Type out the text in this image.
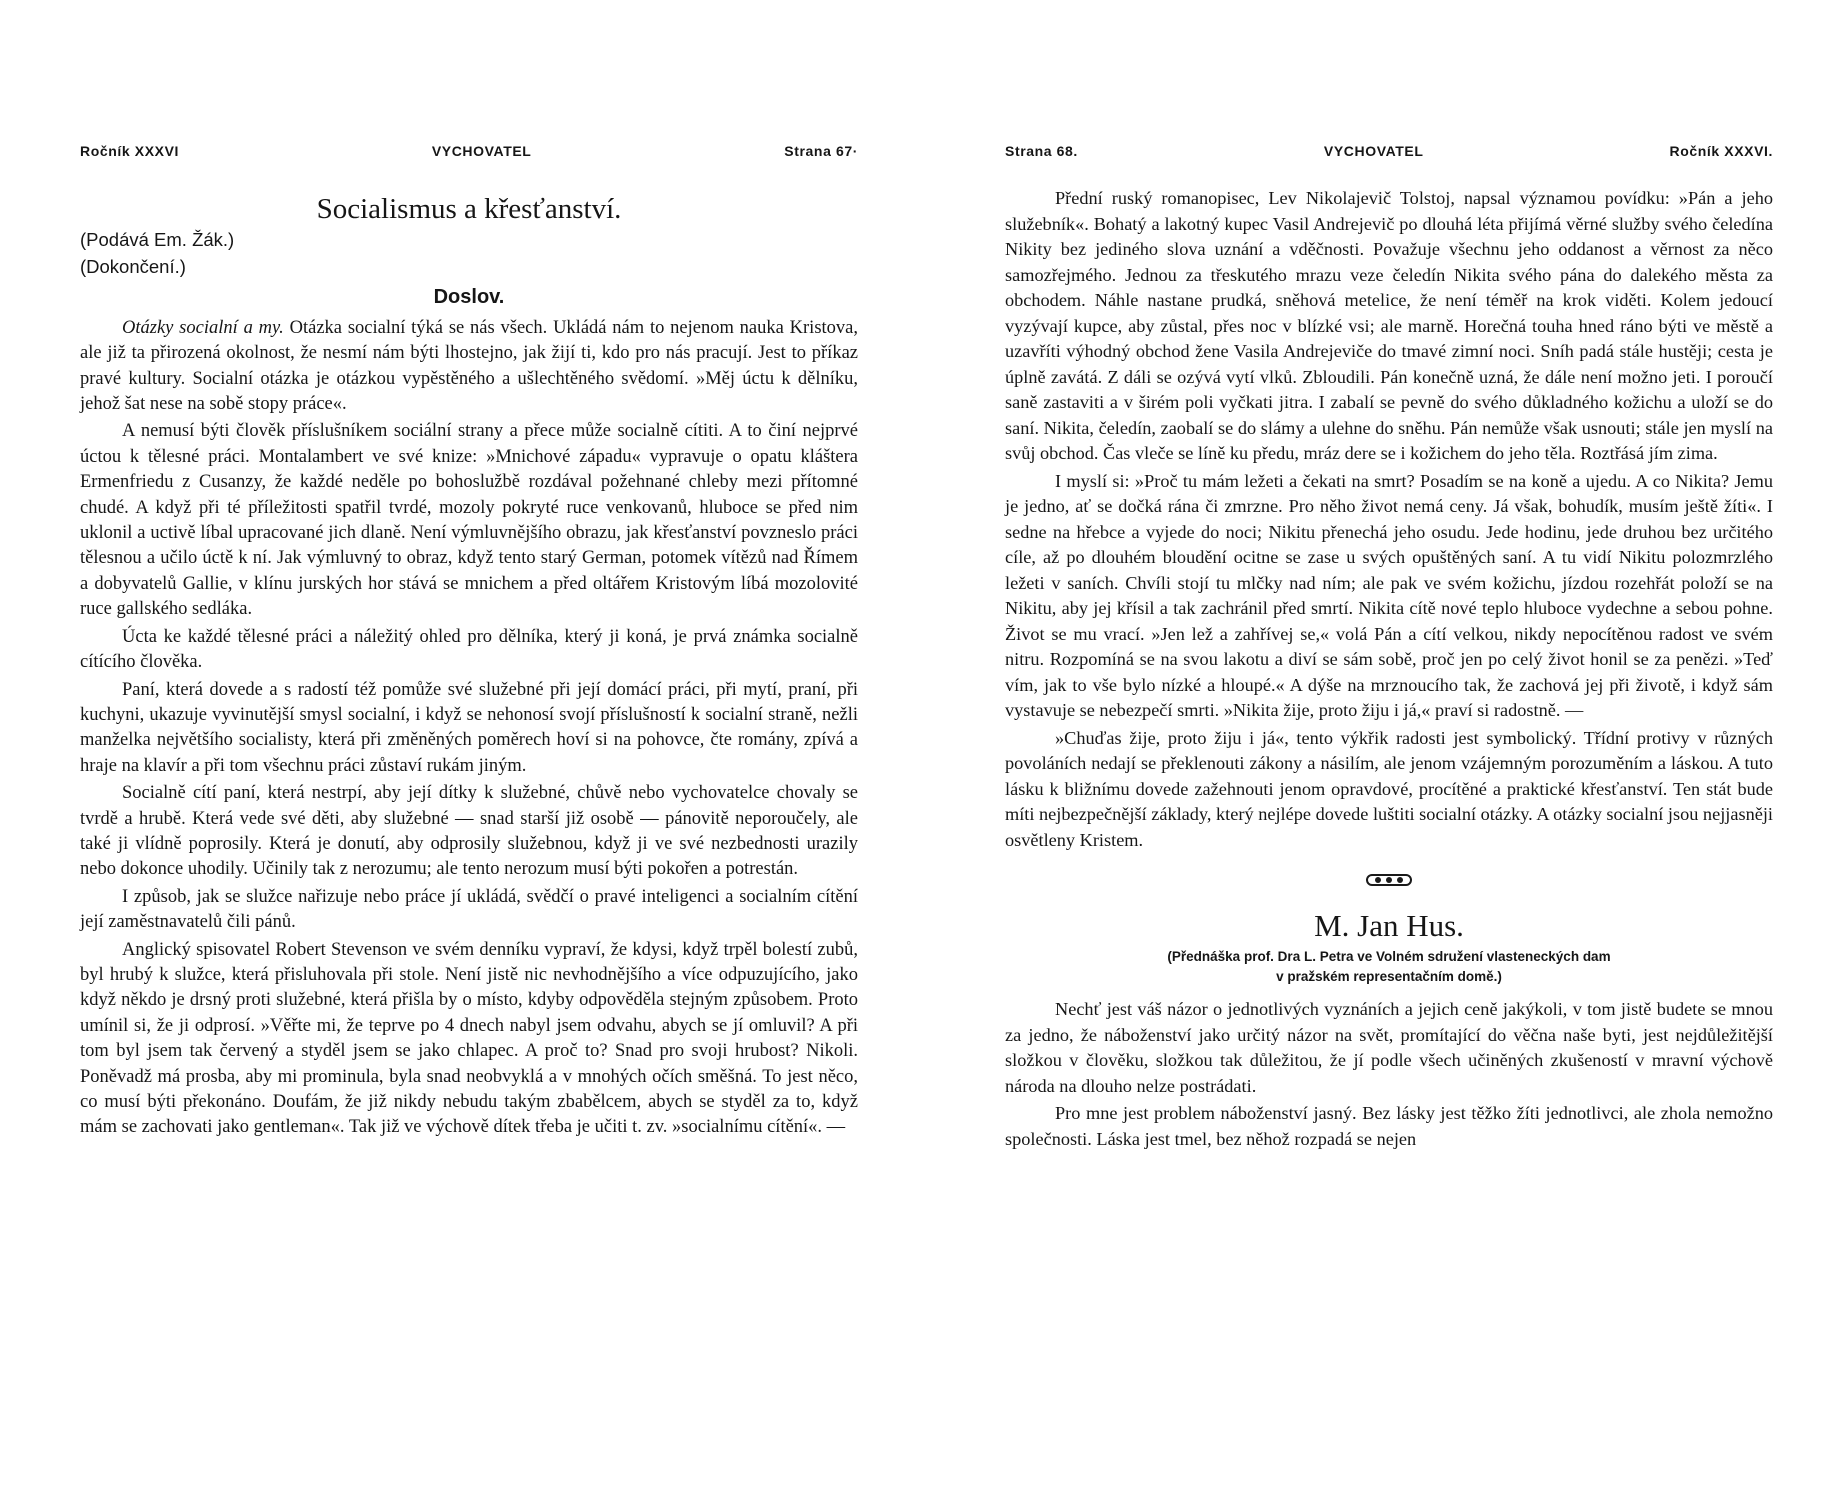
Ročník XXXVI	VYCHOVATEL	Strana 67·
Socialismus a křesťanství.

(Podává Em. Žák.)

(Dokončení.)

Doslov.

Otázky socialní a my. Otázka socialní týká se nás všech. Ukládá nám to nejenom nauka Kristova, ale již ta přirozená okolnost, že nesmí nám býti lhostejno, jak žijí ti, kdo pro nás pracují. Jest to příkaz pravé kultury. Socialní otázka je otázkou vypěstěného a ušlechtěného svědomí. »Měj úctu k dělníku, jehož šat nese na sobě stopy práce«.

A nemusí býti člověk příslušníkem sociální strany a přece může socialně cítiti. A to činí nejprvé úctou k tělesné práci. Montalambert ve své knize: »Mnichové západu« vypravuje o opatu kláštera Ermenfriedu z Cusanzy, že každé neděle po bohoslužbě rozdával požehnané chleby mezi přítomné chudé. A když při té příležitosti spatřil tvrdé, mozoly pokryté ruce venkovanů, hluboce se před nim uklonil a uctivě líbal upracované jich dlaně. Není výmluvnějšího obrazu, jak křesťanství povzneslo práci tělesnou a učilo úctě k ní. Jak výmluvný to obraz, když tento starý German, potomek vítězů nad Římem a dobyvatelů Gallie, v klínu jurských hor stává se mnichem a před oltářem Kristovým líbá mozolovité ruce gallského sedláka.

Úcta ke každé tělesné práci a náležitý ohled pro dělníka, který ji koná, je prvá známka socialně cítícího člověka.

Paní, která dovede a s radostí též pomůže své služebné při její domácí práci, při mytí, praní, při kuchyni, ukazuje vyvinutější smysl socialní, i když se nehonosí svojí příslušností k socialní straně, nežli manželka největšího socialisty, která při změněných poměrech hoví si na pohovce, čte romány, zpívá a hraje na klavír a při tom všechnu práci zůstaví rukám jiným.

Socialně cítí paní, která nestrpí, aby její dítky k služebné, chůvě nebo vychovatelce chovaly se tvrdě a hrubě. Která vede své děti, aby služebné — snad starší již osobě — pánovitě neporoučely, ale také ji vlídně poprosily. Která je donutí, aby odprosily služebnou, když ji ve své nezbednosti urazily nebo dokonce uhodily. Učinily tak z nerozumu; ale tento nerozum musí býti pokořen a potrestán.

I způsob, jak se služce nařizuje nebo práce jí ukládá, svědčí o pravé inteligenci a socialním cítění její zaměstnavatelů čili pánů.

Anglický spisovatel Robert Stevenson ve svém denníku vypraví, že kdysi, když trpěl bolestí zubů, byl hrubý k služce, která přisluhovala při stole. Není jistě nic nevhodnějšího a více odpuzujícího, jako když někdo je drsný proti služebné, která přišla by o místo, kdyby odpověděla stejným způsobem. Proto umínil si, že ji odprosí. »Věřte mi, že teprve po 4 dnech nabyl jsem odvahu, abych se jí omluvil? A při tom byl jsem tak červený a styděl jsem se jako chlapec. A proč to? Snad pro svoji hrubost? Nikoli. Poněvadž má prosba, aby mi prominula, byla snad neobvyklá a v mnohých očích směšná. To jest něco, co musí býti překonáno. Doufám, že již nikdy nebudu takým zbabělcem, abych se styděl za to, když mám se zachovati jako gentleman«. Tak již ve výchově dítek třeba je učiti t. zv. »socialnímu cítění«. —

Strana 68.	VYCHOVATEL	Ročník XXXVI.

Přední ruský romanopisec, Lev Nikolajevič Tolstoj, napsal významou povídku: »Pán a jeho služebník«. Bohatý a lakotný kupec Vasil Andrejevič po dlouhá léta přijímá věrné služby svého čeledína Nikity bez jediného slova uznání a vděčnosti. Považuje všechnu jeho oddanost a věrnost za něco samozřejmého. Jednou za třeskutého mrazu veze čeledín Nikita svého pána do dalekého města za obchodem. Náhle nastane prudká, sněhová metelice, že není téměř na krok viděti. Kolem jedoucí vyzývají kupce, aby zůstal, přes noc v blízké vsi; ale marně. Horečná touha hned ráno býti ve městě a uzavříti výhodný obchod žene Vasila Andrejeviče do tmavé zimní noci. Sníh padá stále hustěji; cesta je úplně zavátá. Z dáli se ozývá vytí vlků. Zbloudili. Pán konečně uzná, že dále není možno jeti. I poroučí saně zastaviti a v širém poli vyčkati jitra. I zabalí se pevně do svého důkladného kožichu a uloží se do saní. Nikita, čeledín, zaobalí se do slámy a ulehne do sněhu. Pán nemůže však usnouti; stále jen myslí na svůj obchod. Čas vleče se líně ku předu, mráz dere se i kožichem do jeho těla. Roztřásá jím zima.

I myslí si: »Proč tu mám ležeti a čekati na smrt? Posadím se na koně a ujedu. A co Nikita? Jemu je jedno, ať se dočká rána či zmrzne. Pro něho život nemá ceny. Já však, bohudík, musím ještě žíti«. I sedne na hřebce a vyjede do noci; Nikitu přenechá jeho osudu. Jede hodinu, jede druhou bez určitého cíle, až po dlouhém bloudění ocitne se zase u svých opuštěných saní. A tu vidí Nikitu polozmrzlého ležeti v saních. Chvíli stojí tu mlčky nad ním; ale pak ve svém kožichu, jízdou rozehřát položí se na Nikitu, aby jej křísil a tak zachránil před smrtí. Nikita cítě nové teplo hluboce vydechne a sebou pohne. Život se mu vrací. »Jen lež a zahřívej se,« volá Pán a cítí velkou, nikdy nepocítěnou radost ve svém nitru. Rozpomíná se na svou lakotu a diví se sám sobě, proč jen po celý život honil se za penězi. »Teď vím, jak to vše bylo nízké a hloupé.« A dýše na mrznoucího tak, že zachová jej při životě, i když sám vystavuje se nebezpečí smrti. »Nikita žije, proto žiju i já,« praví si radostně. —

»Chuďas žije, proto žiju i já«, tento výkřik radosti jest symbolický. Třídní protivy v různých povoláních nedají se překlenouti zákony a násilím, ale jenom vzájemným porozuměním a láskou. A tuto lásku k bližnímu dovede zažehnouti jenom opravdové, procítěné a praktické křesťanství. Ten stát bude míti nejbezpečnější základy, který nejlépe dovede luštiti socialní otázky. A otázky socialní jsou nejjasněji osvětleny Kristem.

M. Jan Hus.
(Přednáška prof. Dra L. Petra ve Volném sdružení vlasteneckých dam
v pražském representačním domě.)

Nechť jest váš názor o jednotlivých vyznáních a jejich ceně jakýkoli, v tom jistě budete se mnou za jedno, že náboženství jako určitý názor na svět, promítající do věčna naše byti, jest nejdůležitější složkou v člověku, složkou tak důležitou, že jí podle všech učiněných zkušeností v mravní výchově národa na dlouho nelze postrádati.

Pro mne jest problem náboženství jasný. Bez lásky jest těžko žíti jednotlivci, ale zhola nemožno společnosti. Láska jest tmel, bez něhož rozpadá se nejen
